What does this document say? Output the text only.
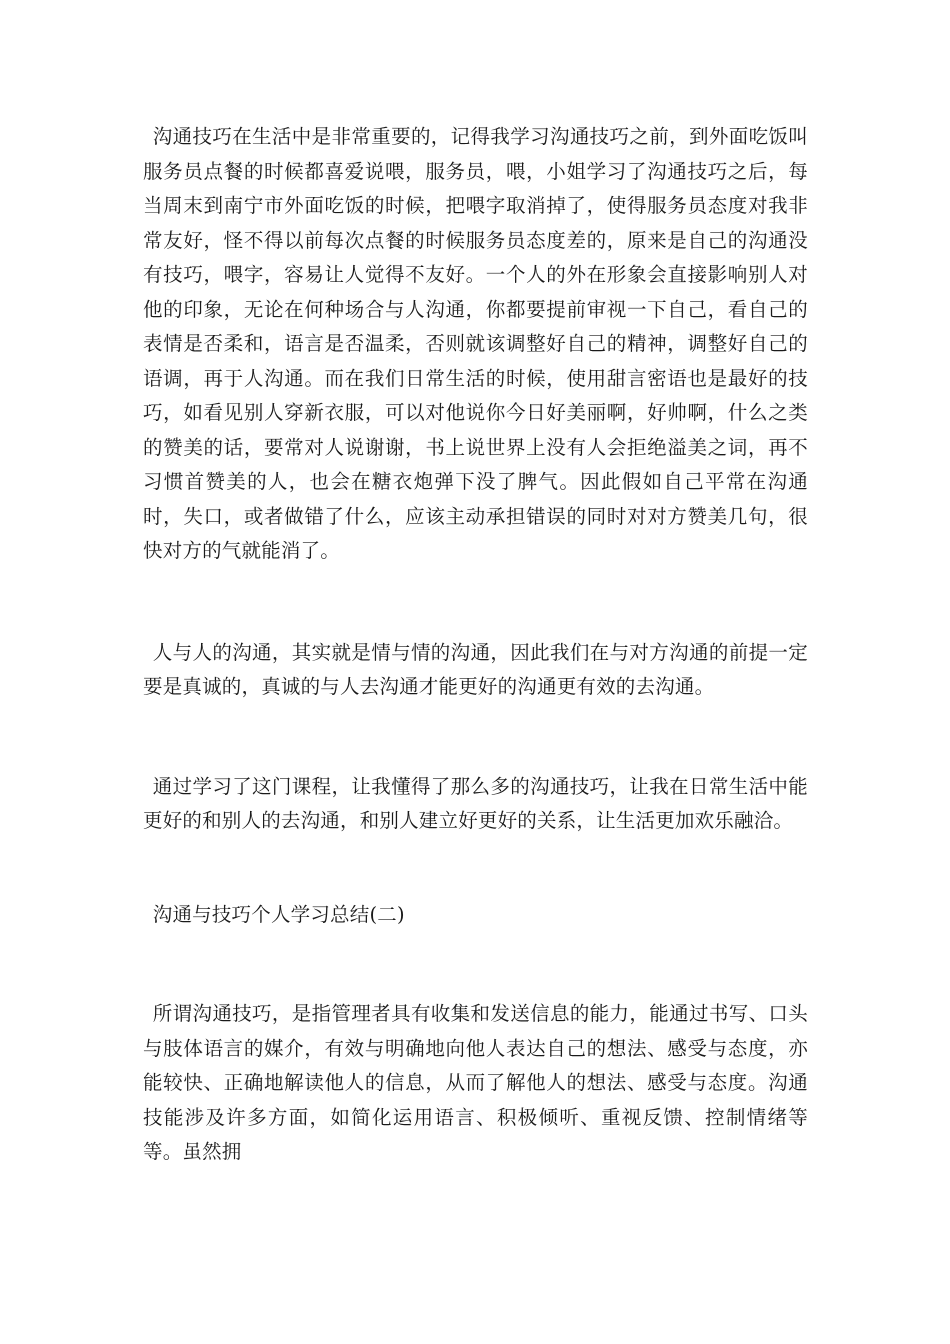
沟通技巧在生活中是非常重要的，记得我学习沟通技巧之前，到外面吃饭叫服务员点餐的时候都喜爱说喂，服务员，喂，小姐学习了沟通技巧之后，每当周末到南宁市外面吃饭的时候，把喂字取消掉了，使得服务员态度对我非常友好，怪不得以前每次点餐的时候服务员态度差的，原来是自己的沟通没有技巧，喂字，容易让人觉得不友好。一个人的外在形象会直接影响别人对他的印象，无论在何种场合与人沟通，你都要提前审视一下自己，看自己的表情是否柔和，语言是否温柔，否则就该调整好自己的精神，调整好自己的语调，再于人沟通。而在我们日常生活的时候，使用甜言密语也是最好的技巧，如看见别人穿新衣服，可以对他说你今日好美丽啊，好帅啊，什么之类的赞美的话，要常对人说谢谢，书上说世界上没有人会拒绝溢美之词，再不习惯首赞美的人，也会在糖衣炮弹下没了脾气。因此假如自己平常在沟通时，失口，或者做错了什么，应该主动承担错误的同时对对方赞美几句，很快对方的气就能消了。

人与人的沟通，其实就是情与情的沟通，因此我们在与对方沟通的前提一定要是真诚的，真诚的与人去沟通才能更好的沟通更有效的去沟通。

通过学习了这门课程，让我懂得了那么多的沟通技巧，让我在日常生活中能更好的和别人的去沟通，和别人建立好更好的关系，让生活更加欢乐融洽。

沟通与技巧个人学习总结(二)

所谓沟通技巧，是指管理者具有收集和发送信息的能力，能通过书写、口头与肢体语言的媒介，有效与明确地向他人表达自己的想法、感受与态度，亦能较快、正确地解读他人的信息，从而了解他人的想法、感受与态度。沟通技能涉及许多方面，如简化运用语言、积极倾听、重视反馈、控制情绪等等。虽然拥
